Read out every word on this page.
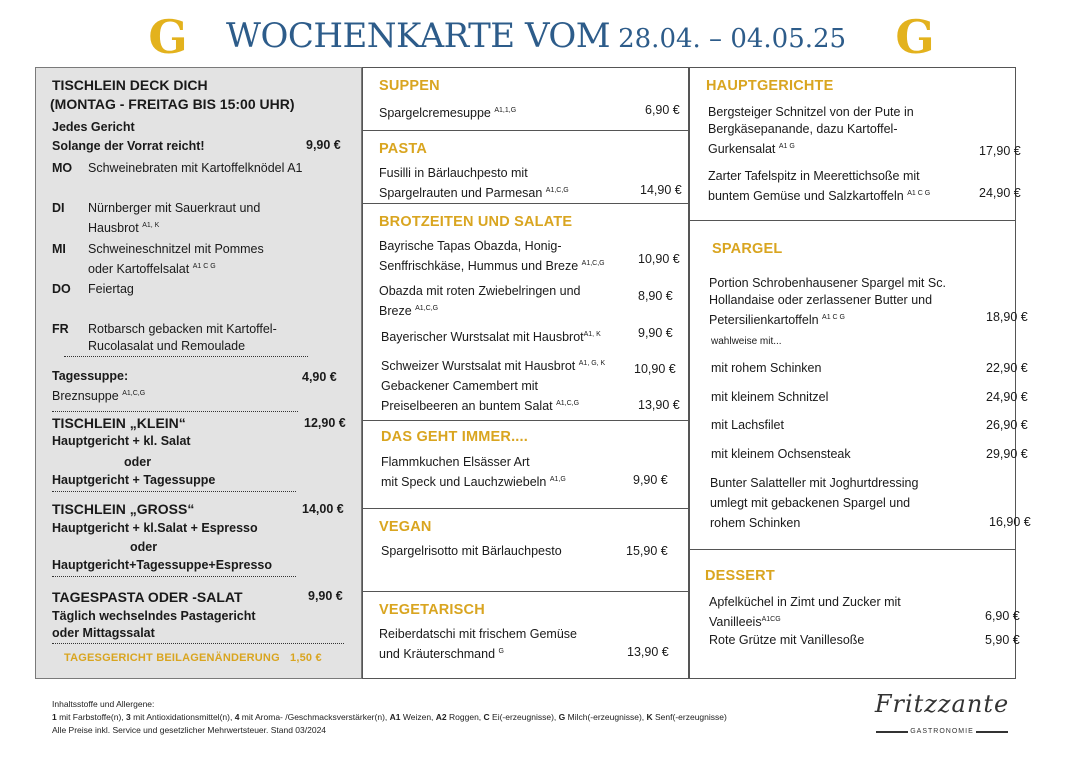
G WOCHENKARTE VOM 28.04. – 04.05.25 G
TISCHLEIN DECK DICH
(MONTAG - FREITAG BIS 15:00 UHR)
Jedes Gericht
Solange der Vorrat reicht!	9,90 €
MO Schweinebraten mit Kartoffelknödel A1
DI Nürnberger mit Sauerkraut und
Hausbrot $^{A1, K}$
MI Schweineschnitzel mit Pommes
oder Kartoffelsalat $^{A1 C G}$
DO Feiertag
FR Rotbarsch gebacken mit Kartoffel-
Rucolasalat und Remoulade
Tagessuppe:	4,90 €
Breznsuppe $^{A1,C,G}$
TISCHLEIN „KLEIN“	12,90 €
Hauptgericht + kl. Salat
oder
Hauptgericht + Tagessuppe
TISCHLEIN „GROSS“	14,00 €
Hauptgericht + kl.Salat + Espresso
oder
Hauptgericht+Tagessuppe+Espresso
TAGESPASTA ODER -SALAT	9,90 €
Täglich wechselndes Pastagericht
oder Mittagssalat
TAGESGERICHT BEILAGENÄNDERUNG 1,50 €
SUPPEN
Spargelcremesuppe $^{A1,1,G}$	6,90 €
PASTA
Fusilli in Bärlauchpesto mit
Spargelrauten und Parmesan $^{A1,C,G}$	14,90 €
BROTZEITEN UND SALATE
Bayrische Tapas Obazda, Honig-
Senffrischkäse, Hummus und Breze $^{A1,C,G}$	10,90 €
Obazda mit roten Zwiebelringen und
Breze $^{A1,C,G}$
8,90 €
Bayerischer Wurstsalat mit Hausbrot$^{A1, K}$	9,90 €
Schweizer Wurstsalat mit Hausbrot $^{A1, G, K}$ 10,90 €
Gebackener Camembert mit
Preiselbeeren an buntem Salat $^{A1,C,G}$	13,90 €
DAS GEHT IMMER....
Flammkuchen Elsässer Art
mit Speck und Lauchzwiebeln $^{A1,G}$	9,90 €
VEGAN
Spargelrisotto mit Bärlauchpesto	15,90 €
VEGETARISCH
Reiberdatschi mit frischem Gemüse
und Kräuterschmand $^G$	13,90 €
HAUPTGERICHTE
Bergsteiger Schnitzel von der Pute in
Bergkäsepanande, dazu Kartoffel-
Gurkensalat $^{A1 G}$	17,90 €
Zarter Tafelspitz in Meerettichsoße mit
buntem Gemüse und Salzkartoffeln $^{A1 C G}$	24,90 €
SPARGEL
Portion Schrobenhausener Spargel mit Sc.
Hollandaise oder zerlassener Butter und
Petersilienkartoffeln $^{A1 C G}$	18,90 €
wahlweise mit...
mit rohem Schinken	22,90 €
mit kleinem Schnitzel	24,90 €
mit Lachsfilet	26,90 €
mit kleinem Ochsensteak	29,90 €
Bunter Salatteller mit Joghurtdressing
umlegt mit gebackenen Spargel und
rohem Schinken	16,90 €
DESSERT
Apfelküchel in Zimt und Zucker mit
Vanilleeis$^{A1CG}$	6,90 €
Rote Grütze mit Vanillesoße	5,90 €
Inhaltsstoffe und Allergene:
1 mit Farbstoffe(n), 3 mit Antioxidationsmittel(n), 4 mit Aroma- /Geschmacksverstärker(n), A1 Weizen, A2 Roggen, C Ei(-erzeugnisse), G Milch(-erzeugnisse), K Senf(-erzeugnisse)
Alle Preise inkl. Service und gesetzlicher Mehrwertsteuer. Stand 03/2024
Fritzzante
GASTRONOMIE
